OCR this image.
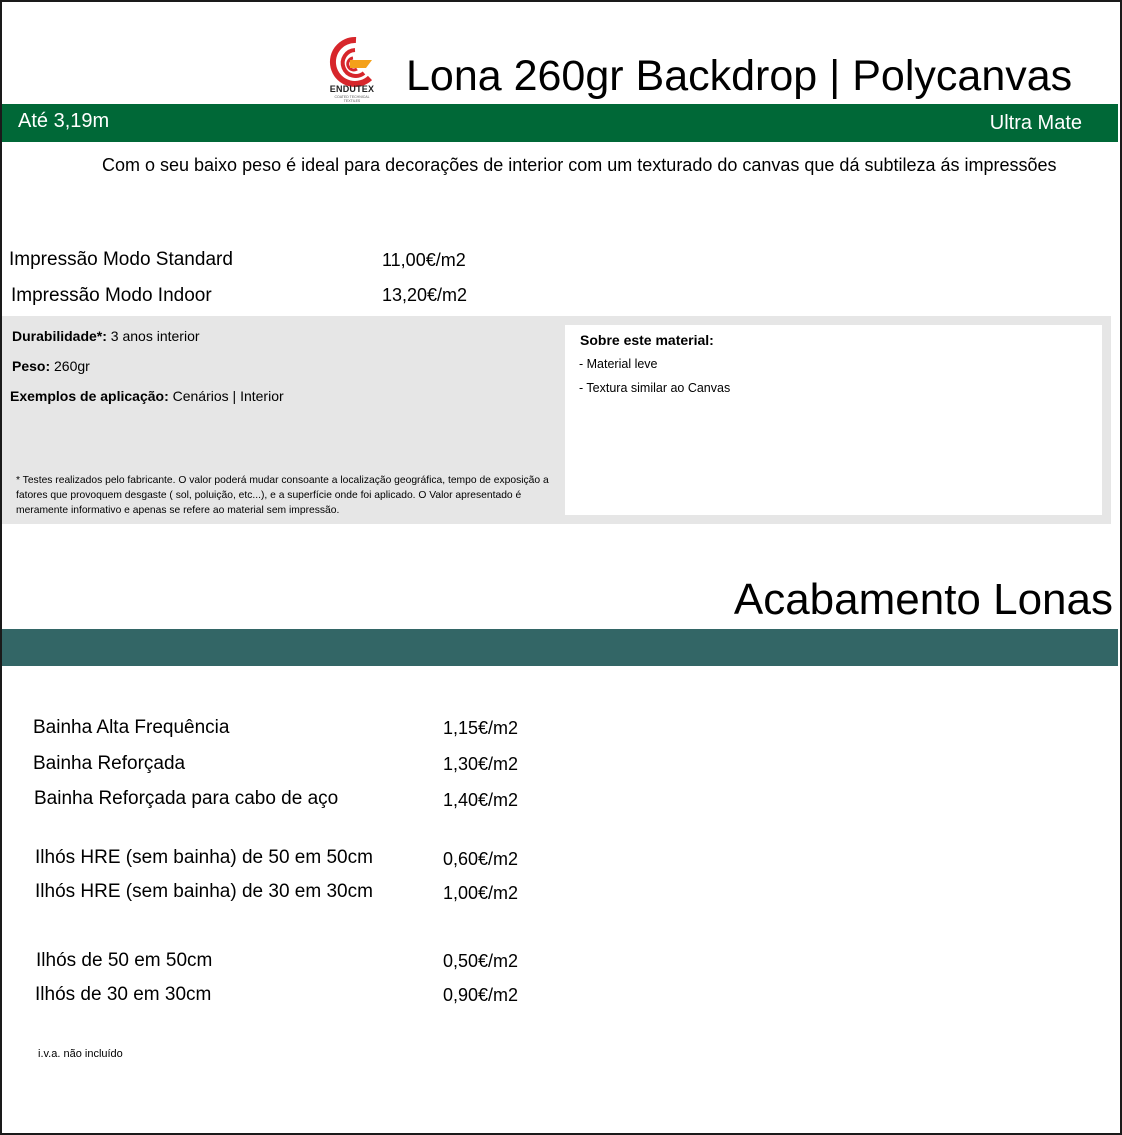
ENDUTEX
COATED TECHNICAL TEXTILES
Lona 260gr Backdrop | Polycanvas
Até 3,19m	Ultra Mate
Com o seu baixo peso é ideal para decorações de interior com um texturado do canvas que dá subtileza ás impressões
Impressão Modo Standard	11,00€/m2
Impressão Modo Indoor	13,20€/m2
Durabilidade*: 3 anos interior
Peso: 260gr
Exemplos de aplicação: Cenários | Interior
* Testes realizados pelo fabricante. O valor poderá mudar consoante a localização geográfica, tempo de exposição a fatores que provoquem desgaste ( sol, poluição, etc...), e a superfície onde foi aplicado. O Valor apresentado é meramente informativo e apenas se refere ao material sem impressão.
Sobre este material:
- Material leve
- Textura similar ao Canvas
Acabamento Lonas
Bainha Alta Frequência	1,15€/m2
Bainha Reforçada	1,30€/m2
Bainha Reforçada para cabo de aço	1,40€/m2
Ilhós HRE (sem bainha) de 50 em 50cm	0,60€/m2
Ilhós HRE (sem bainha) de 30 em 30cm	1,00€/m2
Ilhós de 50 em 50cm	0,50€/m2
Ilhós de 30 em 30cm	0,90€/m2
i.v.a. não incluído
